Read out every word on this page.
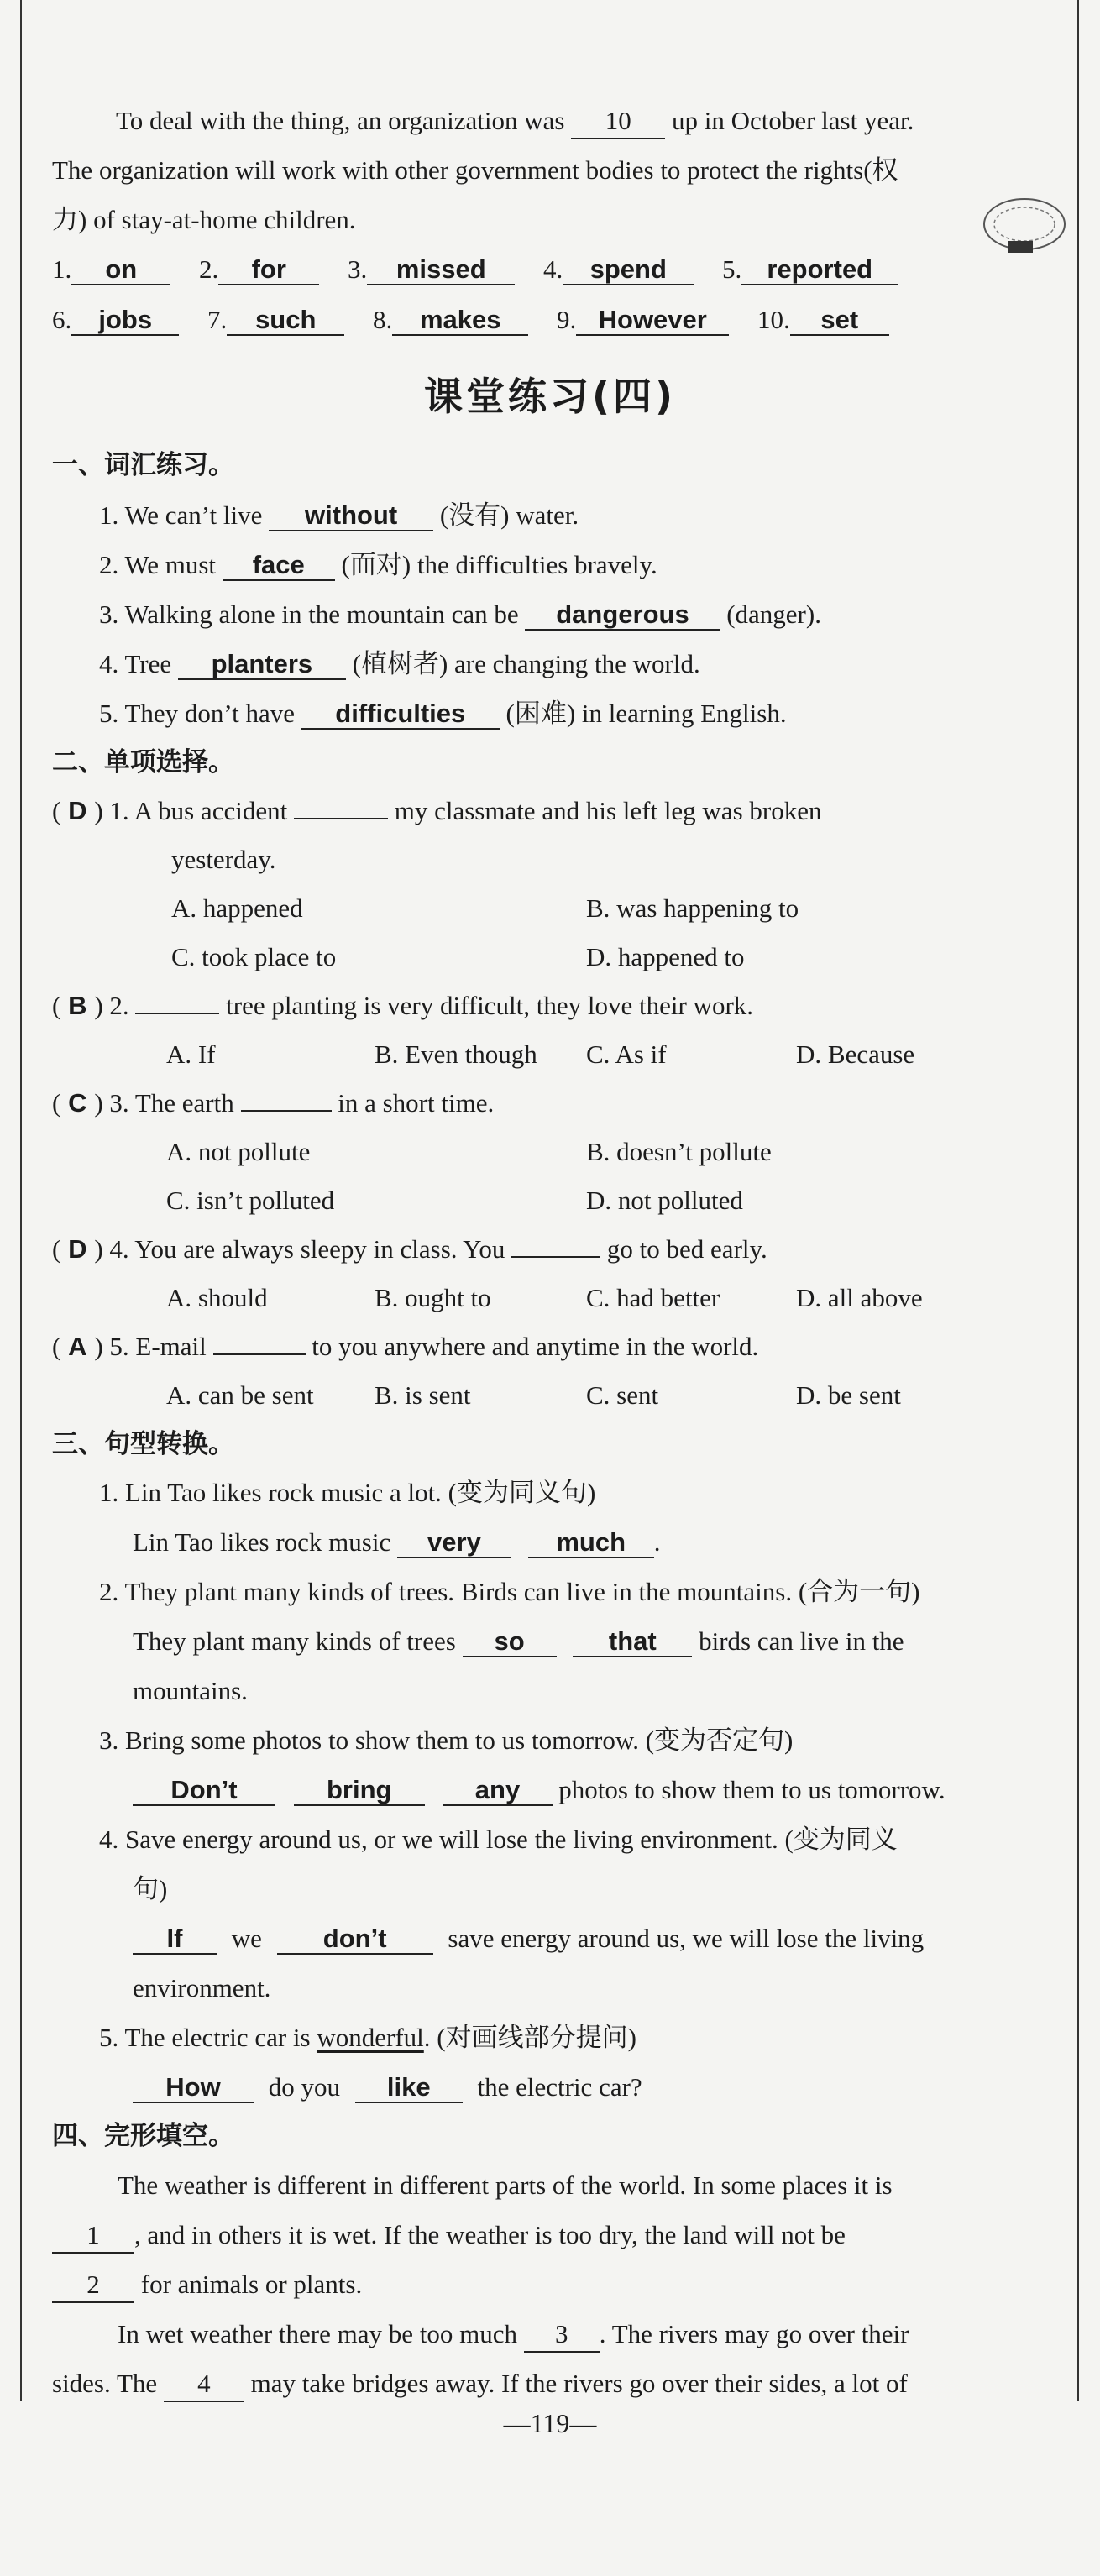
To deal with the thing, an organization was 10 up in October last year.
The organization will work with other government bodies to protect the rights(权
力) of stay-at-home children.
1. on 2. for 3. missed 4. spend 5. reported
6. jobs 7. such 8. makes 9. However 10. set
课堂练习(四)
一、词汇练习。
1. We can’t live without (没有) water.
2. We must face (面对) the difficulties bravely.
3. Walking alone in the mountain can be dangerous (danger).
4. Tree planters (植树者) are changing the world.
5. They don’t have difficulties (困难) in learning English.
二、单项选择。
( D ) 1. A bus accident	my classmate and his left leg was broken
yesterday.
A. happened	B. was happening to
C. took place to	D. happened to
( B ) 2.	tree planting is very difficult, they love their work.
A. If	B. Even though C. As if	D. Because
( C ) 3. The earth	in a short time.
A. not pollute	B. doesn’t pollute
C. isn’t polluted	D. not polluted
( D ) 4. You are always sleepy in class. You	go to bed early.
A. should	B. ought to	C. had better	D. all above
( A ) 5. E-mail	to you anywhere and anytime in the world.
A. can be sent B. is sent	C. sent	D. be sent
三、句型转换。
1. Lin Tao likes rock music a lot. (变为同义句)
Lin Tao likes rock music very	much .
2. They plant many kinds of trees. Birds can live in the mountains. (合为一句)
They plant many kinds of trees so	that birds can live in the
mountains.
3. Bring some photos to show them to us tomorrow. (变为否定句)
Don’t	bring	any photos to show them to us tomorrow.
4. Save energy around us, or we will lose the living environment. (变为同义
句)
If we don’t save energy around us, we will lose the living
environment.
5. The electric car is wonderful. (对画线部分提问)
How do you like the electric car?
四、完形填空。
The weather is different in different parts of the world. In some places it is
1 , and in others it is wet. If the weather is too dry, the land will not be
2 for animals or plants.
In wet weather there may be too much 3 . The rivers may go over their
sides. The 4 may take bridges away. If the rivers go over their sides, a lot of
—119—
